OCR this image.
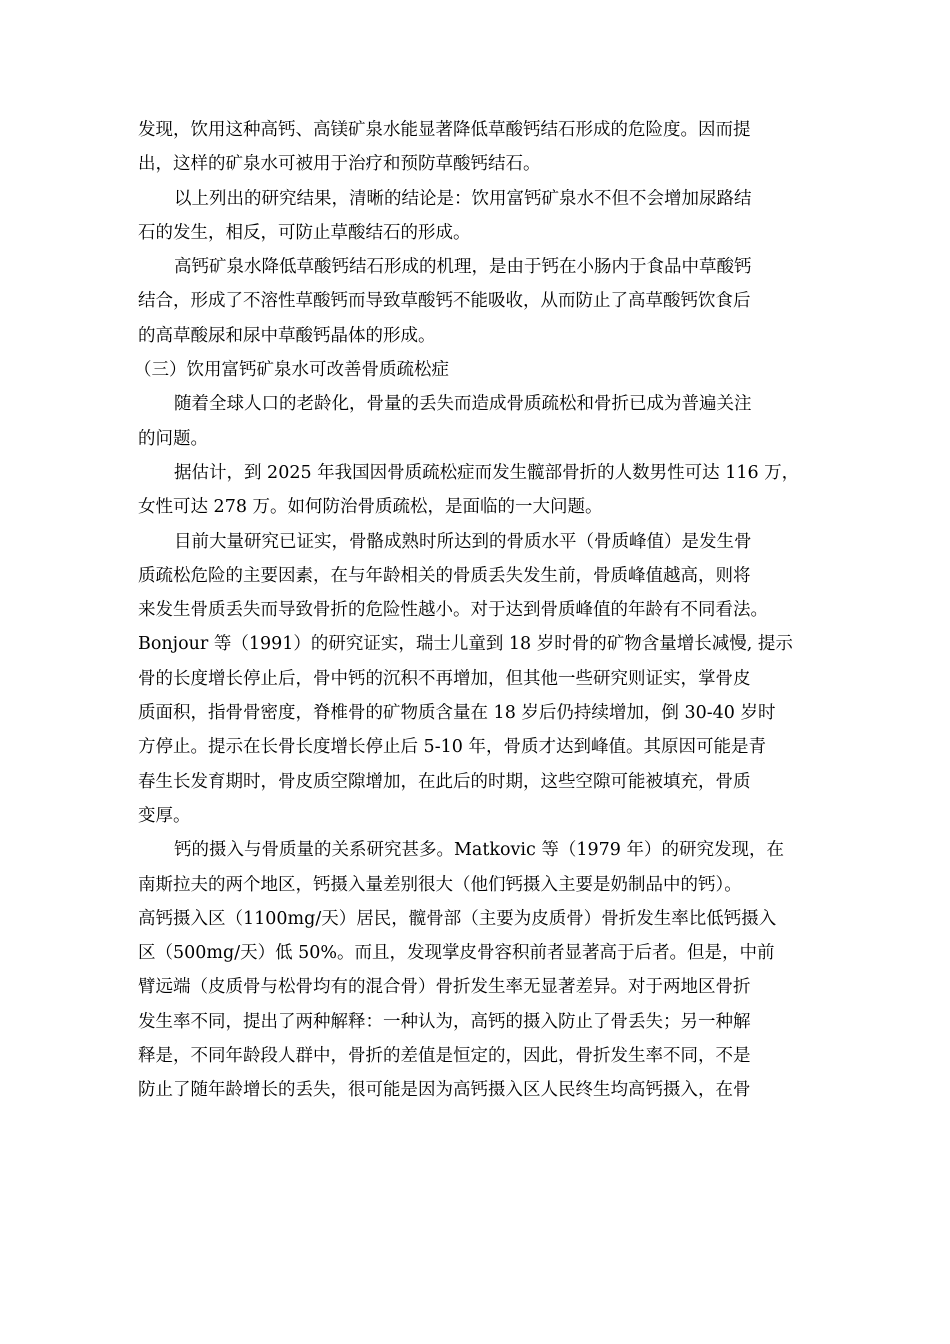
发现，饮用这种高钙、高镁矿泉水能显著降低草酸钙结石形成的危险度。因而提
出，这样的矿泉水可被用于治疗和预防草酸钙结石。
以上列出的研究结果，清晰的结论是：饮用富钙矿泉水不但不会增加尿路结
石的发生，相反，可防止草酸结石的形成。
高钙矿泉水降低草酸钙结石形成的机理，是由于钙在小肠内于食品中草酸钙
结合，形成了不溶性草酸钙而导致草酸钙不能吸收，从而防止了高草酸钙饮食后
的高草酸尿和尿中草酸钙晶体的形成。
（三）饮用富钙矿泉水可改善骨质疏松症
随着全球人口的老龄化，骨量的丢失而造成骨质疏松和骨折已成为普遍关注
的问题。
据估计，到 2025 年我国因骨质疏松症而发生髋部骨折的人数男性可达 116 万，
女性可达 278 万。如何防治骨质疏松，是面临的一大问题。
目前大量研究已证实，骨骼成熟时所达到的骨质水平（骨质峰值）是发生骨
质疏松危险的主要因素，在与年龄相关的骨质丢失发生前，骨质峰值越高，则将
来发生骨质丢失而导致骨折的危险性越小。对于达到骨质峰值的年龄有不同看法。
Bonjour 等（1991）的研究证实，瑞士儿童到 18 岁时骨的矿物含量增长减慢, 提示
骨的长度增长停止后，骨中钙的沉积不再增加，但其他一些研究则证实，掌骨皮
质面积，指骨骨密度，脊椎骨的矿物质含量在 18 岁后仍持续增加，倒 30-40 岁时
方停止。提示在长骨长度增长停止后 5-10 年，骨质才达到峰值。其原因可能是青
春生长发育期时，骨皮质空隙增加，在此后的时期，这些空隙可能被填充，骨质
变厚。
钙的摄入与骨质量的关系研究甚多。Matkovic 等（1979 年）的研究发现，在
南斯拉夫的两个地区，钙摄入量差别很大（他们钙摄入主要是奶制品中的钙）。
高钙摄入区（1100mg/天）居民，髋骨部（主要为皮质骨）骨折发生率比低钙摄入
区（500mg/天）低 50%。而且，发现掌皮骨容积前者显著高于后者。但是，中前
臂远端（皮质骨与松骨均有的混合骨）骨折发生率无显著差异。对于两地区骨折
发生率不同，提出了两种解释：一种认为，高钙的摄入防止了骨丢失；另一种解
释是，不同年龄段人群中，骨折的差值是恒定的，因此，骨折发生率不同，不是
防止了随年龄增长的丢失，很可能是因为高钙摄入区人民终生均高钙摄入，在骨
